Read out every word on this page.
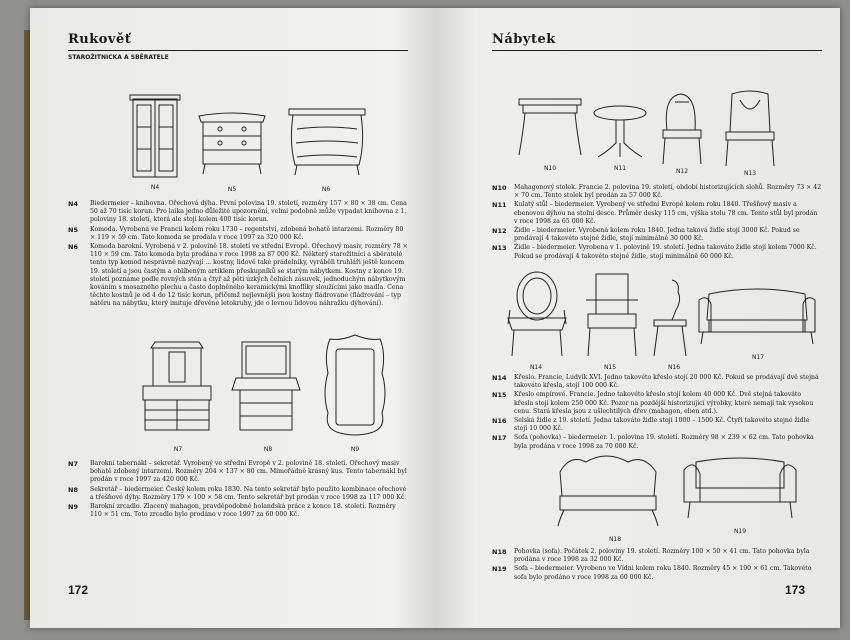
Rukověť
STAROŽITNICKA A SBĚRATELE
N4	N5	N6
N4	Biedermeier – knihovna. Ořechová dýha. První polovina 19. století, rozměry 157 × 80 × 38 cm. Cena 50 až 70 tisíc korun. Pro laika jedno důležité upozornění, velmi podobně může vypadat knihovna z 1. poloviny 18. století, která ale stojí kolem 400 tisíc korun.
N5	Komoda. Vyrobená ve Francii kolem roku 1730 – regentství, zdobená bohatě intarzemi. Rozměry 80 × 119 × 59 cm. Tato komoda se prodala v roce 1997 za 320 000 Kč.
N6	Komoda barokní. Vyrobená v 2. polovině 18. století ve střední Evropě. Ořechový masiv, rozměry 78 × 110 × 59 cm. Tato komoda byla prodána v roce 1998 za 87 000 Kč. Některý starožitníci a sběratelé tento typ komod nesprávně nazývají ... kostny, lidově také prádelníky, vyráběli truhláři ještě koncem 19. století a jsou častým a oblíbeným artiklem přeskupníků se starým nábytkem. Kostny z konce 19. století poznáme podle rovných stěn a čtyř až pěti úzkých čelních zásuvek, jednoduchým nábytkovým kováním s mosazného plechu a často doplněného keramickými knoflíky sloužícími jako madla. Cena těchto kostnů je od 4 do 12 tisíc korun, přičemž nejlevnější jsou kostny fládrované (fládrování – typ nátěru na nábytku, který imituje dřevěné letokruhy, jde o levnou lidovou náhražku dýhování).
N7	N8	N9
N7	Barokní tabernákl – sekretář. Vyrobený ve střední Evropě v 2. polovině 18. století. Ořechový masiv bohatě zdobený intarzemi. Rozměry 204 × 137 × 80 cm. Mimořádně krásný kus. Tento tabernákl byl prodán v roce 1997 za 420 000 Kč.
N8	Sekretář – biedermeier. Český kolem roku 1830. Na tento sekretář bylo použito kombinace ořechové a třešňové dýhy. Rozměry 179 × 100 × 58 cm. Tento sekretář byl prodán v roce 1998 za 117 000 Kč.
N9	Barokní zrcadlo. Zlacený mahagon, pravděpodobně holandská práce z konce 18. století. Rozměry 110 × 51 cm. Toto zrcadlo bylo prodáno v roce 1997 za 60 000 Kč.
172
Nábytek
N10	N11	N12	N13
N10	Mahagonový stolek. Francie 2. polovina 19. století, období historizujících slohů. Rozměry 73 × 42 × 70 cm. Tento stolek byl prodán za 57 000 Kč.
N11	Kulatý stůl – biedermeier. Vyrobený ve střední Evropě kolem roku 1840. Třešňový masiv a ebenovou dýhou na stolní desce. Průměr desky 115 cm, výška stolu 78 cm. Tento stůl byl prodán v roce 1998 za 65 000 Kč.
N12	Židle – biedermeier. Vyrobená kolem roku 1840. Jedna taková židle stojí 3000 Kč. Pokud se prodávají 4 takovéto stejné židle, stojí minimálně 30 000 Kč.
N13	Židle – biedermeier. Vyrobena v 1. polovině 19. století. Jedna takováto židle stojí kolem 7000 Kč. Pokud se prodávají 4 takovéto stejné židle, stojí minimálně 60 000 Kč.
N14	N15	N16
N17
N14	Křeslo. Francie, Ludvík XVI. Jedno takovéto křeslo stojí 20 000 Kč. Pokud se prodávají dvě stejná takováto křesla, stojí 100 000 Kč.
N15	Křeslo empírové. Francie. Jedno takovéto křeslo stojí kolem 40 000 Kč. Dvě stejná takováto křesla stojí kolem 250 000 Kč. Pozor na pozdější historizující výrobky, které nemají tak vysokou cenu. Stará křesla jsou z ušlechtilých dřev (mahagon, eben atd.).
N16	Selská židle z 19. století. Jedna takováto židle stojí 1000 – 1500 Kč. Čtyři takovéto stejné židle stojí 10 000 Kč.
N17	Sofa (pohovka) – biedermeier. 1. polovina 19. století. Rozměry 98 × 239 × 62 cm. Tato pohovka byla prodána v roce 1998 za 70 000 Kč.
N18
N19
N18	Pohovka (sofa). Počátek 2. poloviny 19. století. Rozměry 100 × 50 × 41 cm. Tato pohovka byla prodána v roce 1998 za 32 000 Kč.
N19	Sofa – biedermeier. Vyrobeno ve Vídni kolem roku 1840. Rozměry 45 × 190 × 61 cm. Takovéto sofa bylo prodáno v roce 1998 za 60 000 Kč.
173
